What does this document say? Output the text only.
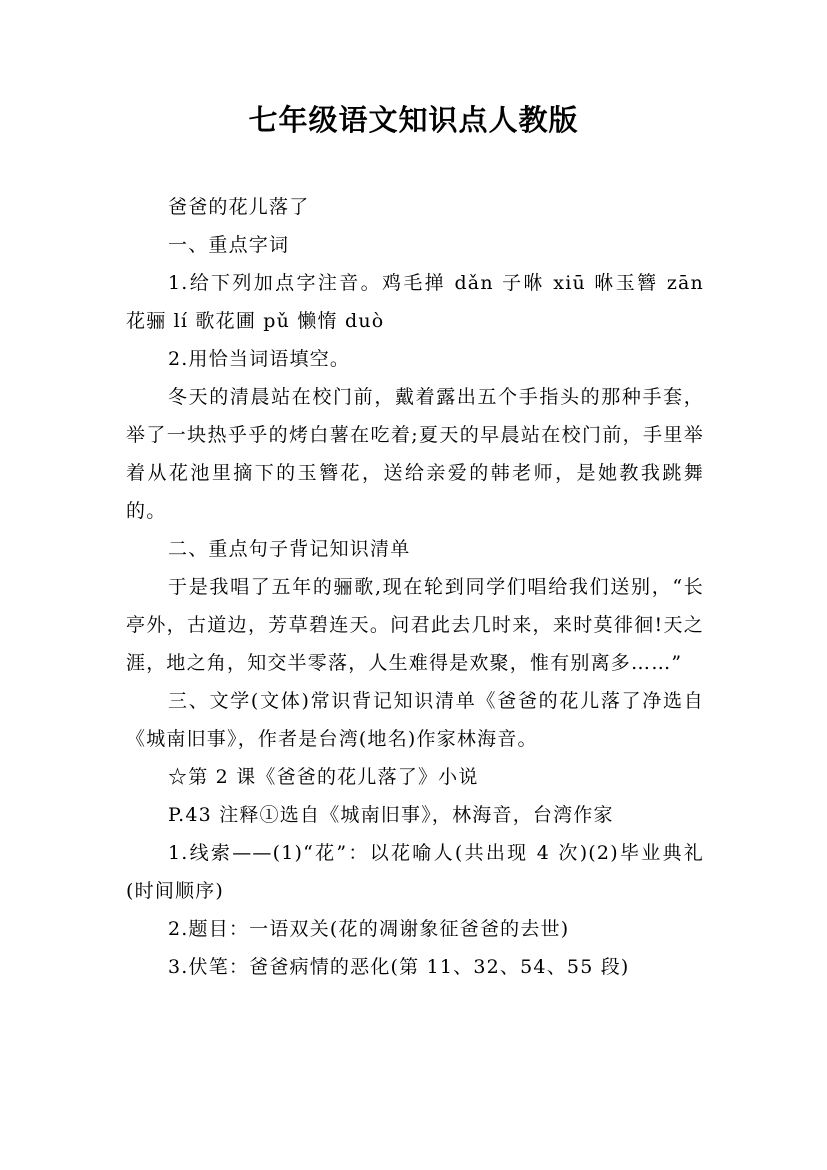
七年级语文知识点人教版

爸爸的花儿落了

一、重点字词

1.给下列加点字注音。鸡毛掸 dǎn 子咻 xiū 咻玉簪 zān 花骊 lí 歌花圃 pǔ 懒惰 duò

2.用恰当词语填空。

冬天的清晨站在校门前，戴着露出五个手指头的那种手套，举了一块热乎乎的烤白薯在吃着;夏天的早晨站在校门前，手里举着从花池里摘下的玉簪花，送给亲爱的韩老师，是她教我跳舞的。

二、重点句子背记知识清单

于是我唱了五年的骊歌,现在轮到同学们唱给我们送别，“长亭外，古道边，芳草碧连天。问君此去几时来，来时莫徘徊!天之涯，地之角，知交半零落，人生难得是欢聚，惟有别离多……”

三、文学(文体)常识背记知识清单《爸爸的花儿落了净选自《城南旧事》，作者是台湾(地名)作家林海音。

☆第 2 课《爸爸的花儿落了》小说

P.43 注释①选自《城南旧事》，林海音，台湾作家

1.线索——(1)“花”：以花喻人(共出现 4 次)(2)毕业典礼(时间顺序)

2.题目：一语双关(花的凋谢象征爸爸的去世)

3.伏笔：爸爸病情的恶化(第 11、32、54、55 段)
